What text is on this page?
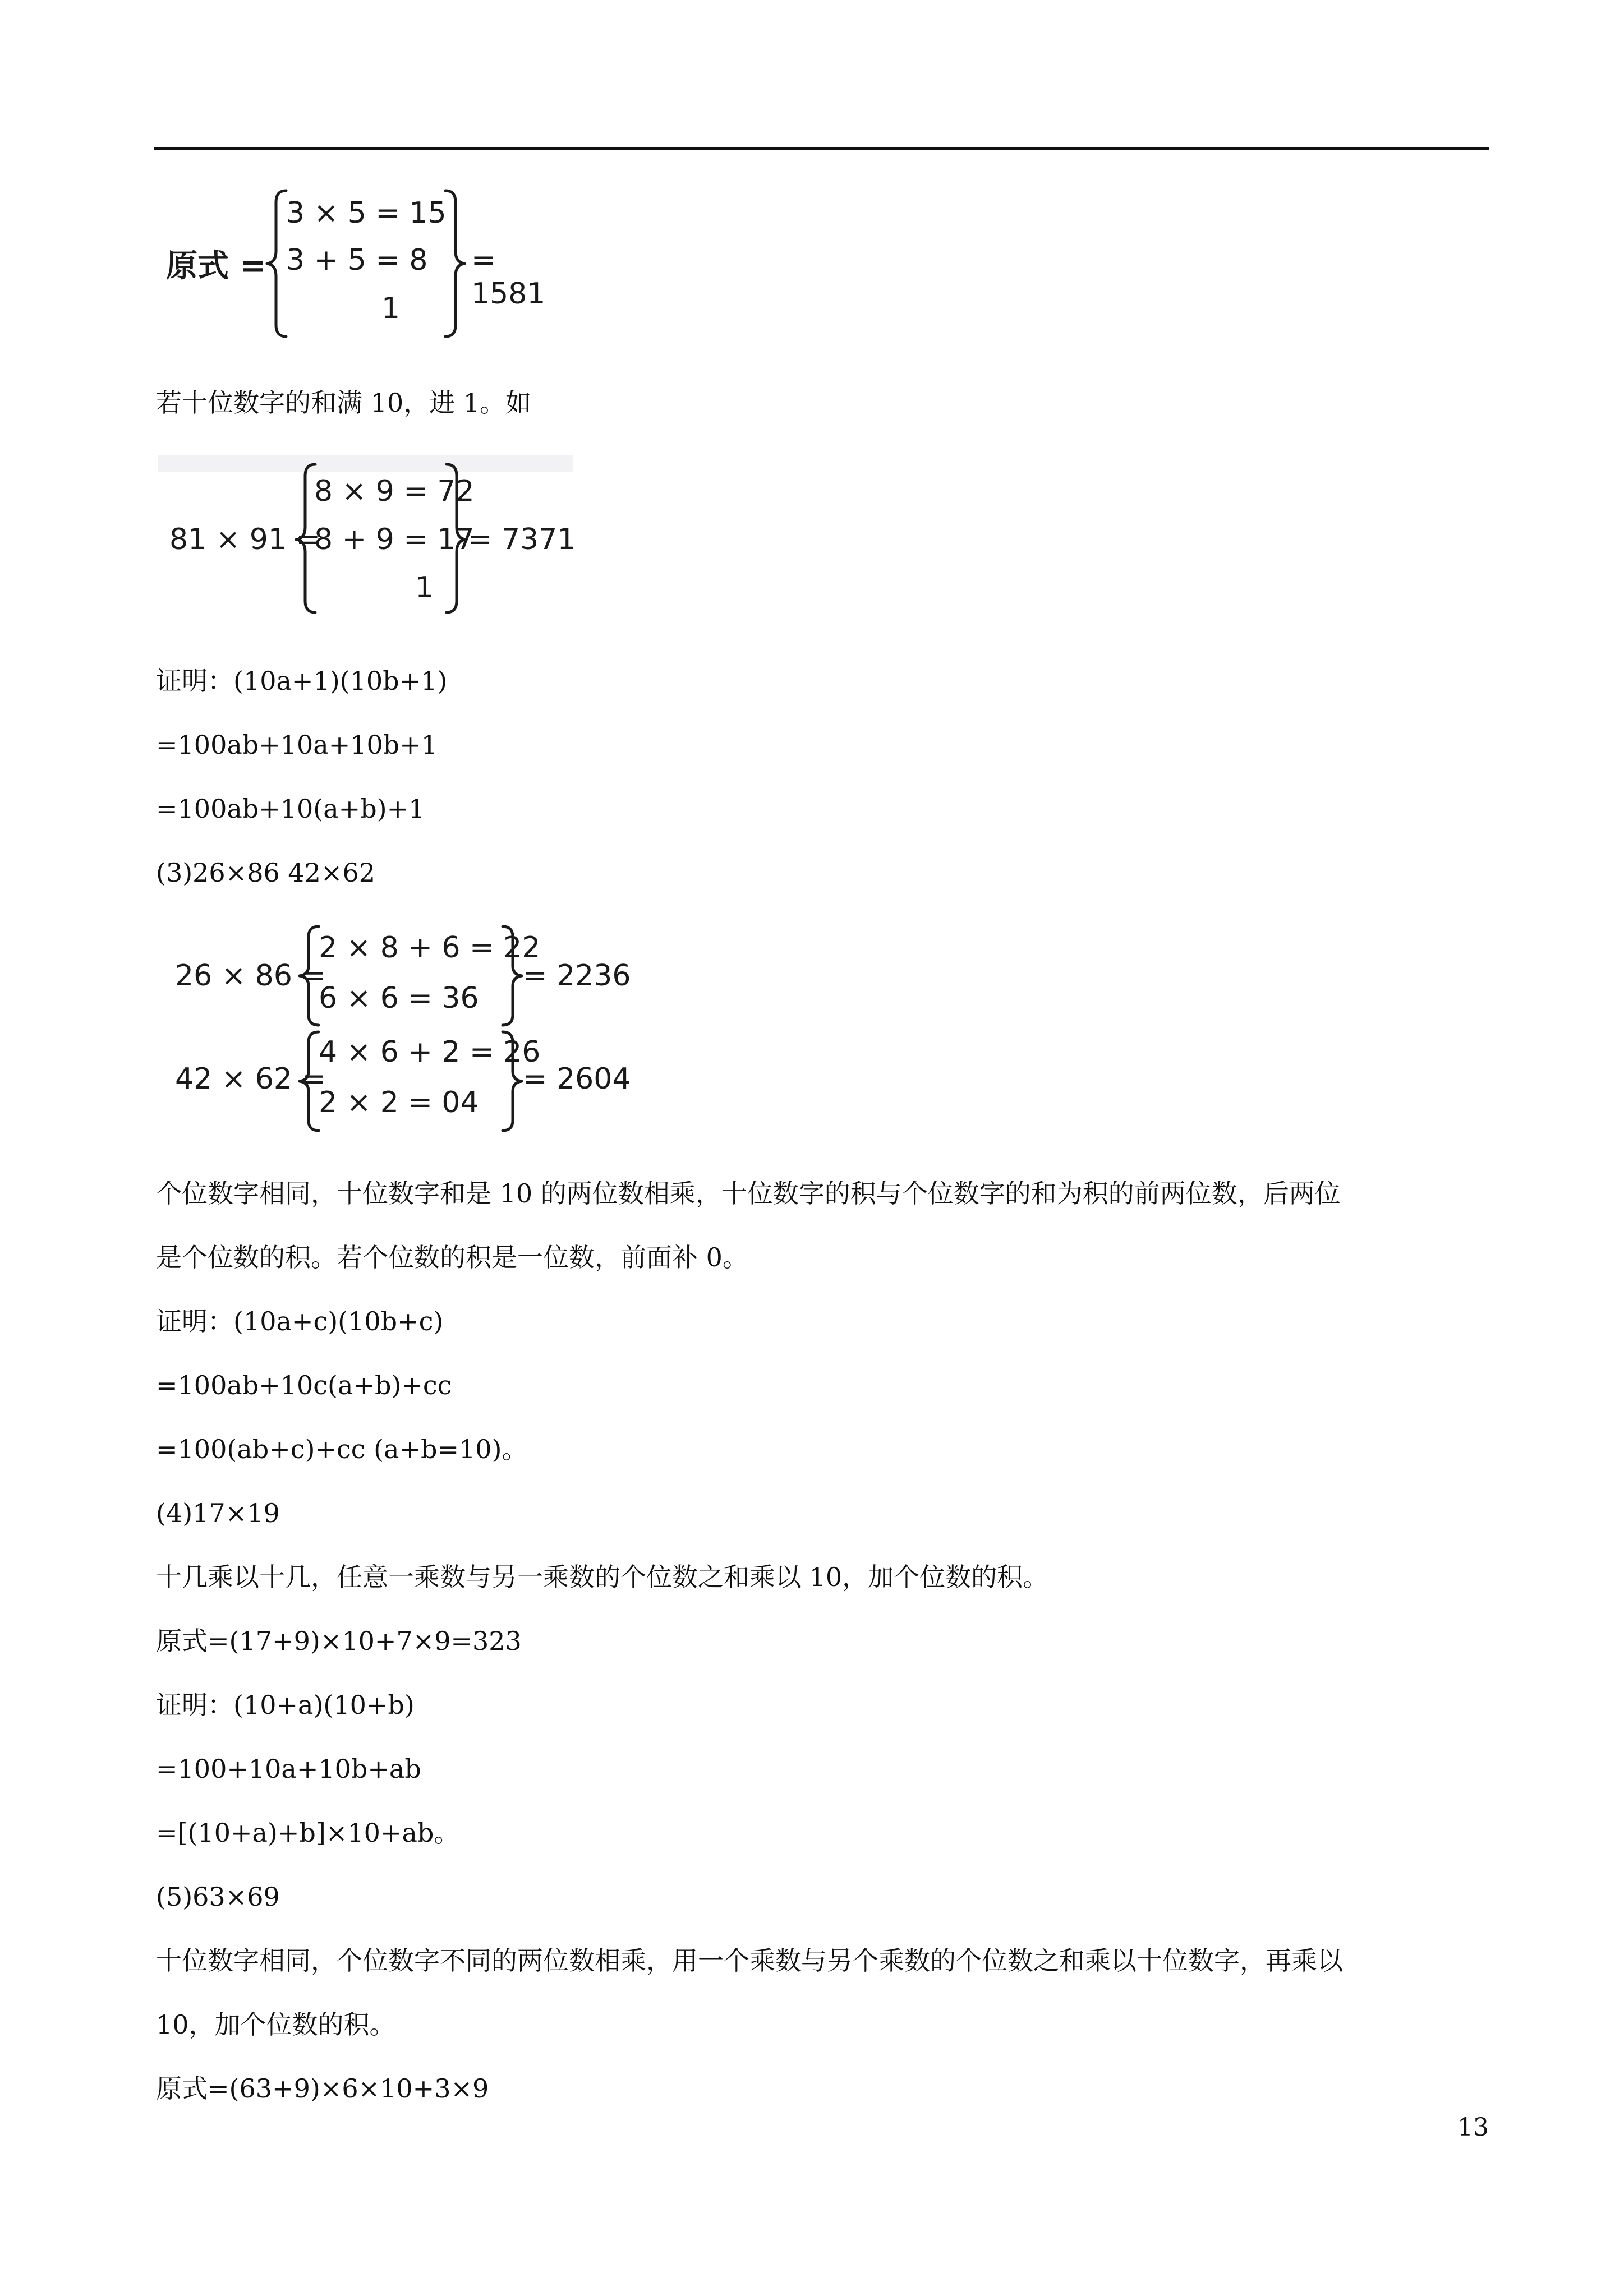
原式 =
3 × 5 = 15
3 + 5 = 8
1
= 1581
若十位数字的和满 10，进 1。如
81 × 91 =
8 × 9 = 72
8 + 9 = 17
1
= 7371
证明：(10a+1)(10b+1)
=100ab+10a+10b+1
=100ab+10(a+b)+1
(3)26×86 42×62
26 × 86 =
2 × 8 + 6 = 22
6 × 6 = 36
= 2236
42 × 62 =
4 × 6 + 2 = 26
2 × 2 = 04
= 2604
个位数字相同，十位数字和是 10 的两位数相乘，十位数字的积与个位数字的和为积的前两位数，后两位
是个位数的积。若个位数的积是一位数，前面补 0。
证明：(10a+c)(10b+c)
=100ab+10c(a+b)+cc
=100(ab+c)+cc (a+b=10)。
(4)17×19
十几乘以十几，任意一乘数与另一乘数的个位数之和乘以 10，加个位数的积。
原式=(17+9)×10+7×9=323
证明：(10+a)(10+b)
=100+10a+10b+ab
=[(10+a)+b]×10+ab。
(5)63×69
十位数字相同，个位数字不同的两位数相乘，用一个乘数与另个乘数的个位数之和乘以十位数字，再乘以
10，加个位数的积。
原式=(63+9)×6×10+3×9
13
